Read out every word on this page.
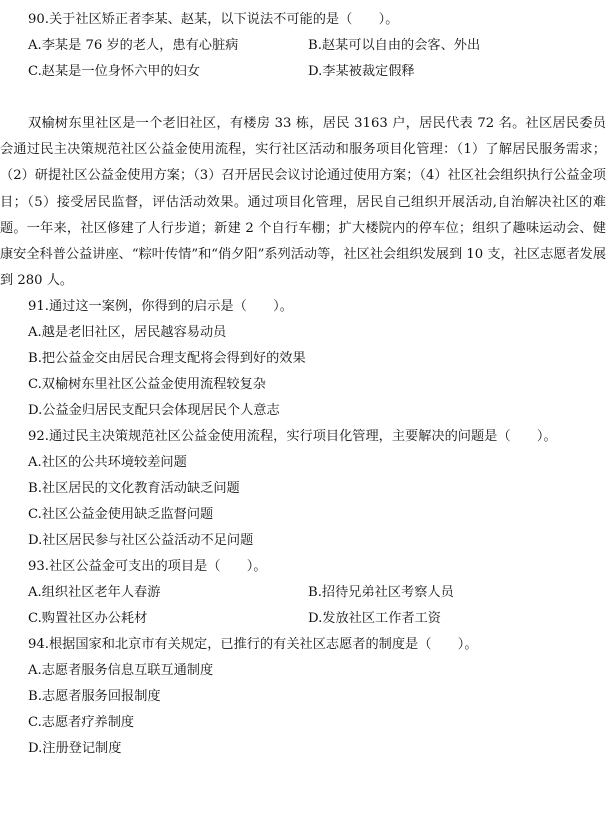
90.关于社区矫正者李某、赵某，以下说法不可能的是（　　）。
A.李某是 76 岁的老人，患有心脏病	B.赵某可以自由的会客、外出
C.赵某是一位身怀六甲的妇女	D.李某被裁定假释
双榆树东里社区是一个老旧社区，有楼房 33 栋，居民 3163 户，居民代表 72 名。社区居民委员会通过民主决策规范社区公益金使用流程，实行社区活动和服务项目化管理：（1）了解居民服务需求；（2）研提社区公益金使用方案；（3）召开居民会议讨论通过使用方案；（4）社区社会组织执行公益金项目；（5）接受居民监督，评估活动效果。通过项目化管理，居民自己组织开展活动,自治解决社区的难题。一年来，社区修建了人行步道；新建 2 个自行车棚；扩大楼院内的停车位；组织了趣味运动会、健康安全科普公益讲座、“粽叶传情”和“俏夕阳”系列活动等，社区社会组织发展到 10 支，社区志愿者发展到 280 人。
91.通过这一案例，你得到的启示是（　　）。
A.越是老旧社区，居民越容易动员
B.把公益金交由居民合理支配将会得到好的效果
C.双榆树东里社区公益金使用流程较复杂
D.公益金归居民支配只会体现居民个人意志
92.通过民主决策规范社区公益金使用流程，实行项目化管理，主要解决的问题是（　　）。
A.社区的公共环境较差问题
B.社区居民的文化教育活动缺乏问题
C.社区公益金使用缺乏监督问题
D.社区居民参与社区公益活动不足问题
93.社区公益金可支出的项目是（　　）。
A.组织社区老年人春游	B.招待兄弟社区考察人员
C.购置社区办公耗材	D.发放社区工作者工资
94.根据国家和北京市有关规定，已推行的有关社区志愿者的制度是（　　）。
A.志愿者服务信息互联互通制度
B.志愿者服务回报制度
C.志愿者疗养制度
D.注册登记制度
